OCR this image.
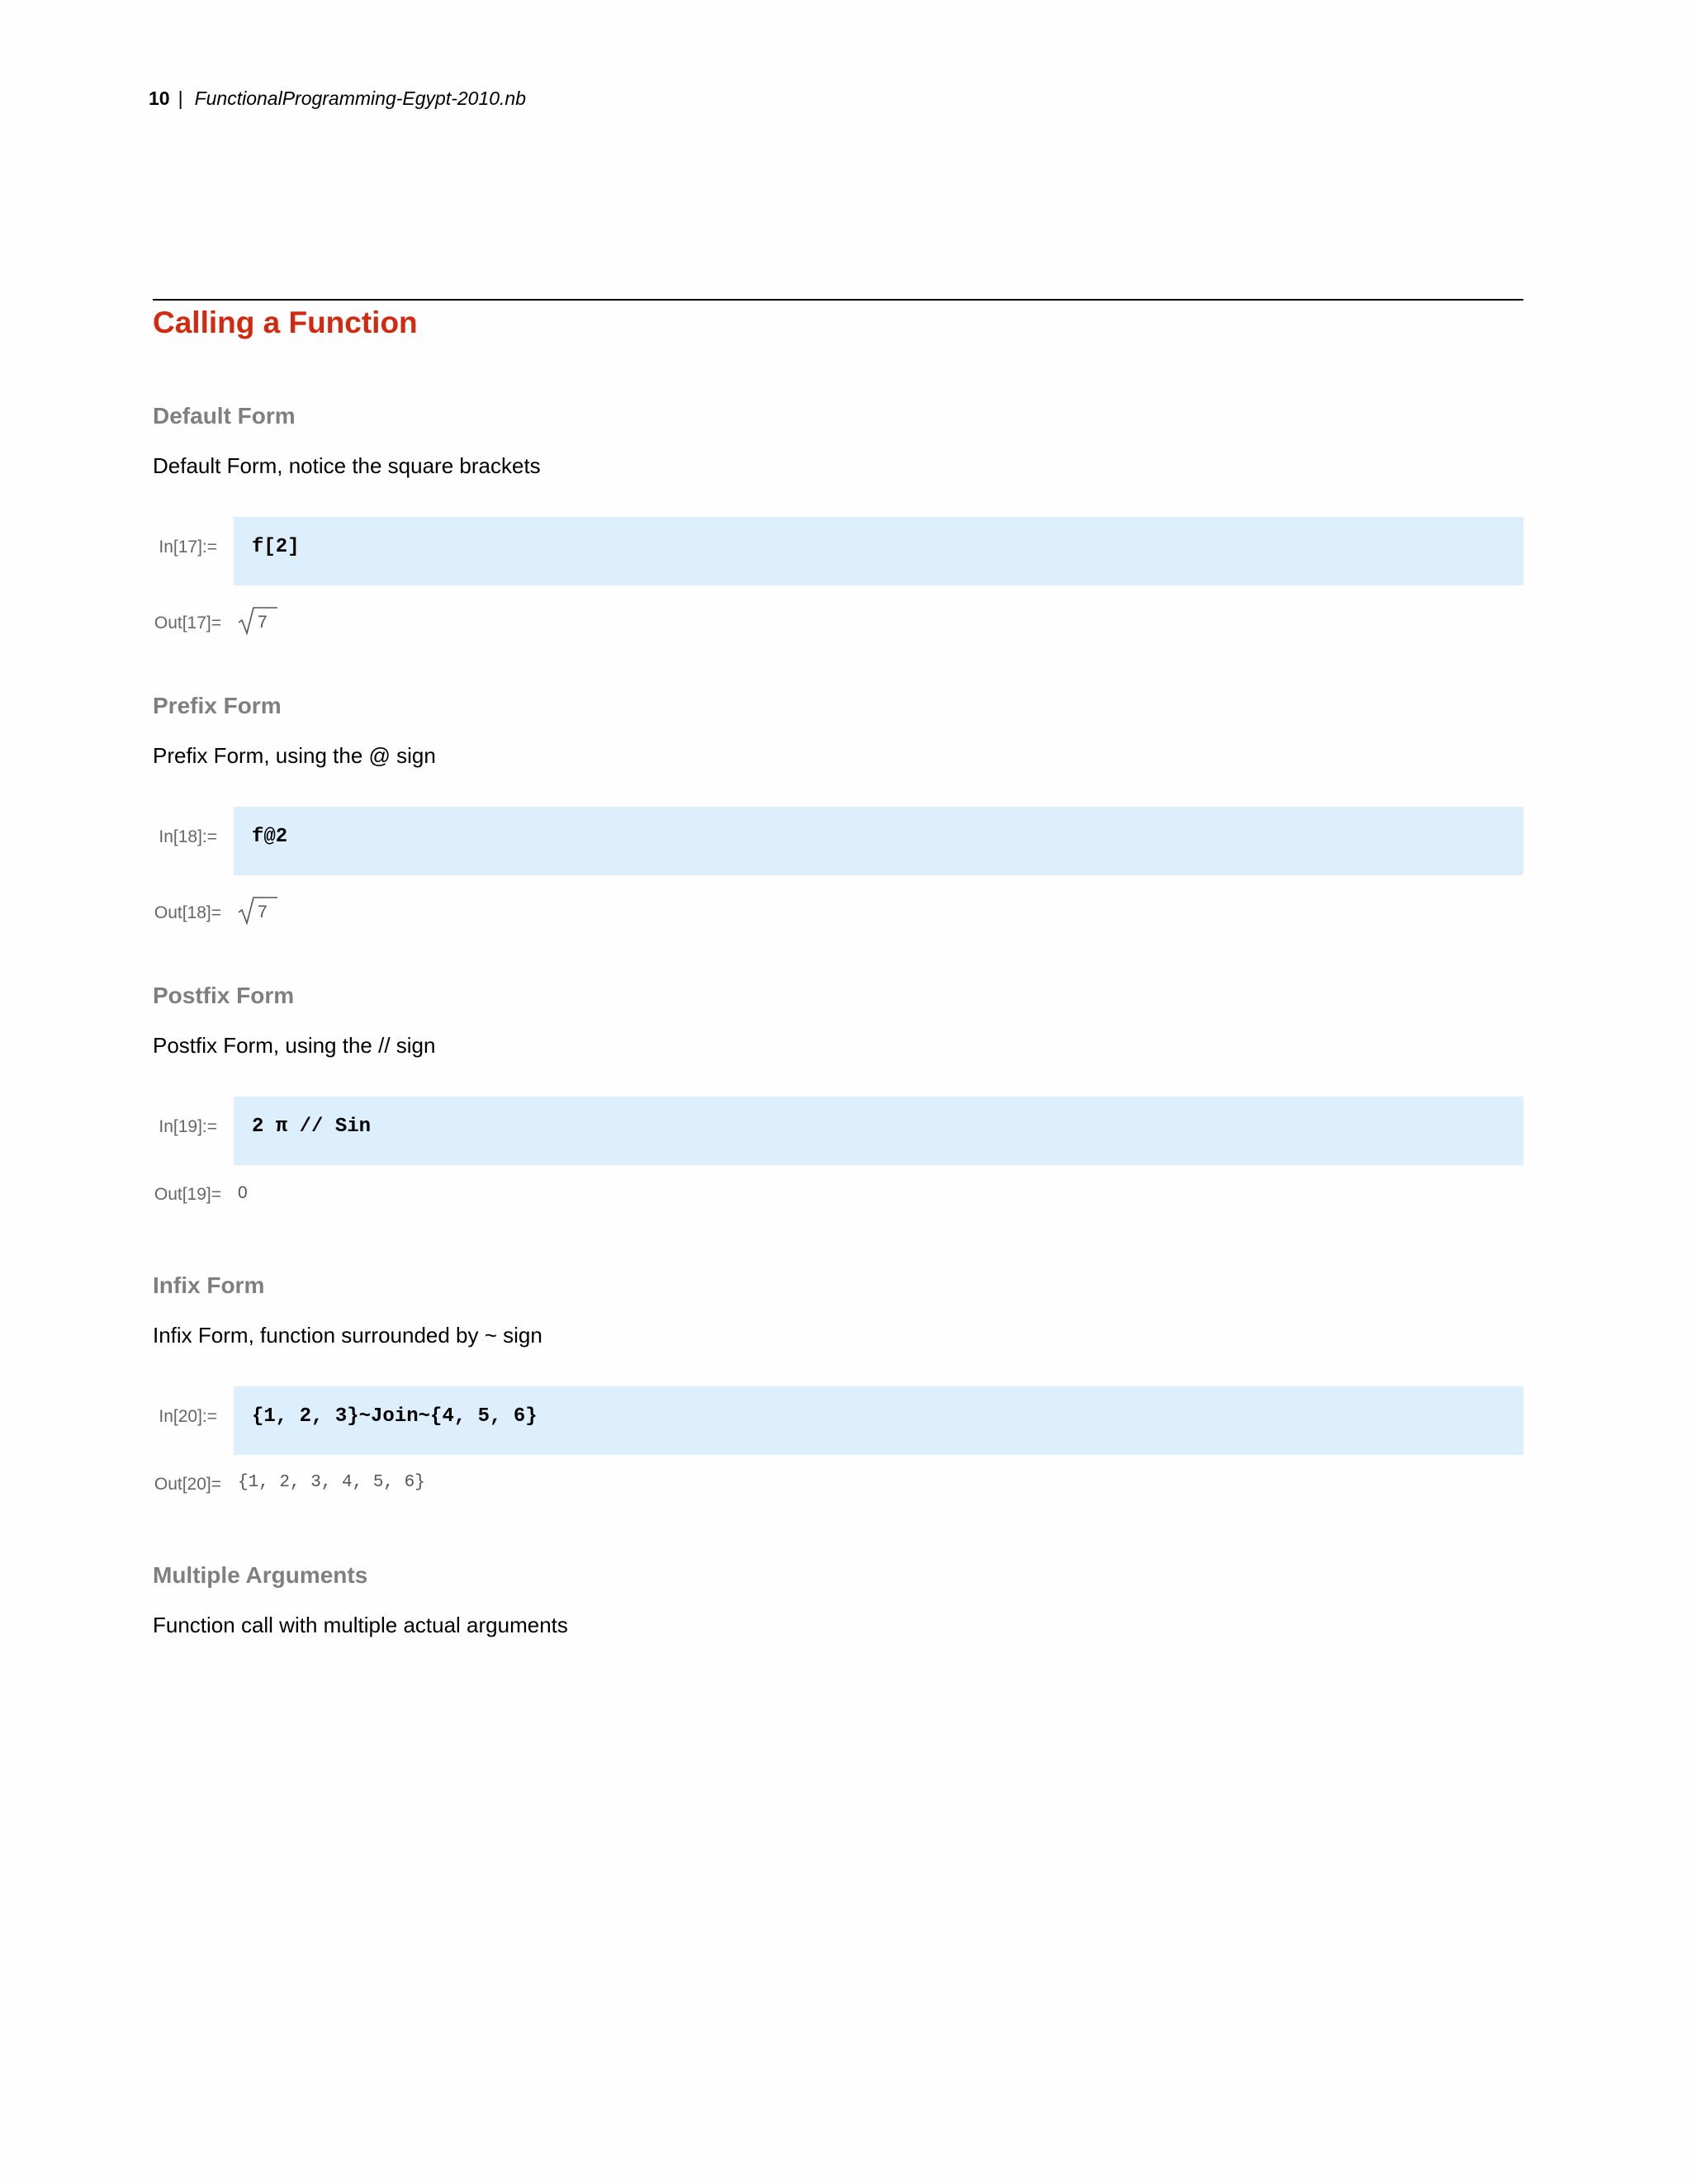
10 | FunctionalProgramming-Egypt-2010.nb
Calling a Function
Default Form

Default Form, notice the square brackets

In[17]:= f[2]
Out[17]= 7
Prefix Form

Prefix Form, using the @ sign

In[18]:= f@2
Out[18]= 7
Postfix Form

Postfix Form, using the // sign

In[19]:= 2 π // Sin
Out[19]= 0
Infix Form

Infix Form, function surrounded by ~ sign

In[20]:= {1, 2, 3}~Join~{4, 5, 6}
Out[20]= {1, 2, 3, 4, 5, 6}
Multiple Arguments

Function call with multiple actual arguments
